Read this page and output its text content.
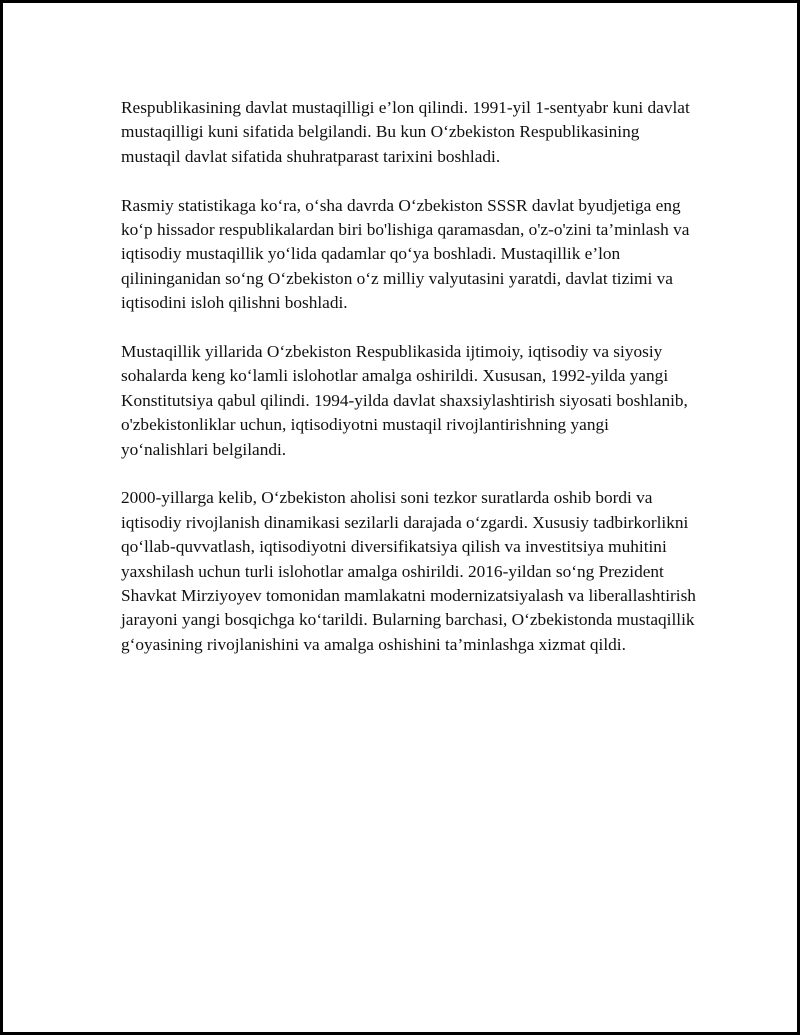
Respublikasining davlat mustaqilligi e’lon qilindi. 1991-yil 1-sentyabr kuni davlat mustaqilligi kuni sifatida belgilandi. Bu kun O‘zbekiston Respublikasining mustaqil davlat sifatida shuhratparast tarixini boshladi.

Rasmiy statistikaga ko‘ra, o‘sha davrda O‘zbekiston SSSR davlat byudjetiga eng ko‘p hissador respublikalardan biri bo'lishiga qaramasdan, o'z-o'zini ta’minlash va iqtisodiy mustaqillik yo‘lida qadamlar qo‘ya boshladi. Mustaqillik e’lon qilininganidan so‘ng O‘zbekiston o‘z milliy valyutasini yaratdi, davlat tizimi va iqtisodini isloh qilishni boshladi.

Mustaqillik yillarida O‘zbekiston Respublikasida ijtimoiy, iqtisodiy va siyosiy sohalarda keng ko‘lamli islohotlar amalga oshirildi. Xususan, 1992-yilda yangi Konstitutsiya qabul qilindi. 1994-yilda davlat shaxsiylashtirish siyosati boshlanib, o'zbekistonliklar uchun, iqtisodiyotni mustaqil rivojlantirishning yangi yo‘nalishlari belgilandi.

2000-yillarga kelib, O‘zbekiston aholisi soni tezkor suratlarda oshib bordi va iqtisodiy rivojlanish dinamikasi sezilarli darajada o‘zgardi. Xususiy tadbirkorlikni qo‘llab-quvvatlash, iqtisodiyotni diversifikatsiya qilish va investitsiya muhitini yaxshilash uchun turli islohotlar amalga oshirildi. 2016-yildan so‘ng Prezident Shavkat Mirziyoyev tomonidan mamlakatni modernizatsiyalash va liberallashtirish jarayoni yangi bosqichga ko‘tarildi. Bularning barchasi, O‘zbekistonda mustaqillik g‘oyasining rivojlanishini va amalga oshishini ta’minlashga xizmat qildi.
